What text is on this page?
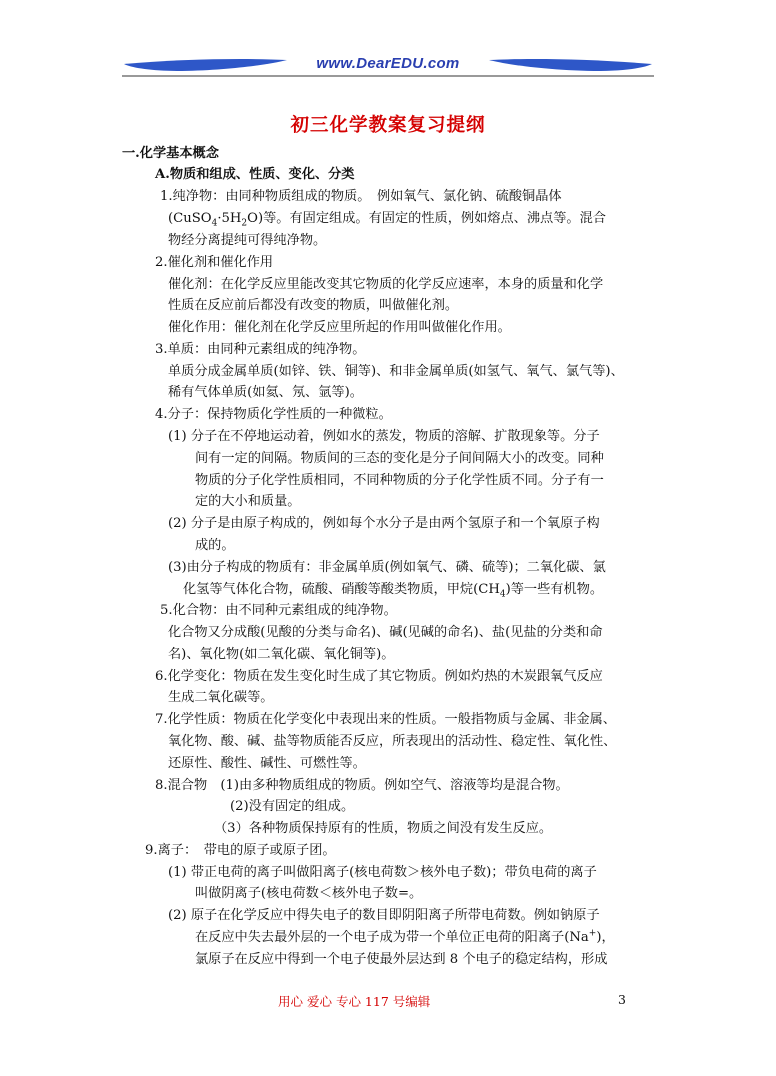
www.DearEDU.com
初三化学教案复习提纲
一.化学基本概念
A.物质和组成、性质、变化、分类
1.纯净物：由同种物质组成的物质。　例如氧气、氯化钠、硫酸铜晶体
$(CuSO_4\cdot 5H_2O)$等。有固定组成。有固定的性质，例如熔点、沸点等。混合
物经分离提纯可得纯净物。
2.催化剂和催化作用
催化剂：在化学反应里能改变其它物质的化学反应速率，本身的质量和化学
性质在反应前后都没有改变的物质，叫做催化剂。
催化作用：催化剂在化学反应里所起的作用叫做催化作用。
3.单质：由同种元素组成的纯净物。
单质分成金属单质(如锌、铁、铜等)、和非金属单质(如氢气、氧气、氯气等)、
稀有气体单质(如氦、氖、氩等)。
4.分子：保持物质化学性质的一种微粒。
(1) 分子在不停地运动着，例如水的蒸发，物质的溶解、扩散现象等。分子
间有一定的间隔。物质间的三态的变化是分子间间隔大小的改变。同种
物质的分子化学性质相同，不同种物质的分子化学性质不同。分子有一
定的大小和质量。
(2) 分子是由原子构成的，例如每个水分子是由两个氢原子和一个氧原子构
成的。
(3)由分子构成的物质有：非金属单质(例如氧气、磷、硫等)；二氧化碳、氯
化氢等气体化合物，硫酸、硝酸等酸类物质，甲烷$(CH_4)$等一些有机物。
5.化合物：由不同种元素组成的纯净物。
化合物又分成酸(见酸的分类与命名)、碱(见碱的命名)、盐(见盐的分类和命
名)、氧化物(如二氧化碳、氧化铜等)。
6.化学变化：物质在发生变化时生成了其它物质。例如灼热的木炭跟氧气反应
生成二氧化碳等。
7.化学性质：物质在化学变化中表现出来的性质。一般指物质与金属、非金属、
氧化物、酸、碱、盐等物质能否反应，所表现出的活动性、稳定性、氧化性、
还原性、酸性、碱性、可燃性等。
8.混合物　(1)由多种物质组成的物质。例如空气、溶液等均是混合物。
(2)没有固定的组成。
（3）各种物质保持原有的性质，物质之间没有发生反应。
9.离子：　带电的原子或原子团。
(1) 带正电荷的离子叫做阳离子(核电荷数＞核外电子数)；带负电荷的离子
叫做阴离子(核电荷数＜核外电子数=。
(2) 原子在化学反应中得失电子的数目即阴阳离子所带电荷数。例如钠原子
在反应中失去最外层的一个电子成为带一个单位正电荷的阳离子(Na+)，
氯原子在反应中得到一个电子使最外层达到 8 个电子的稳定结构，形成
用心 爱心 专心 117 号编辑	3
